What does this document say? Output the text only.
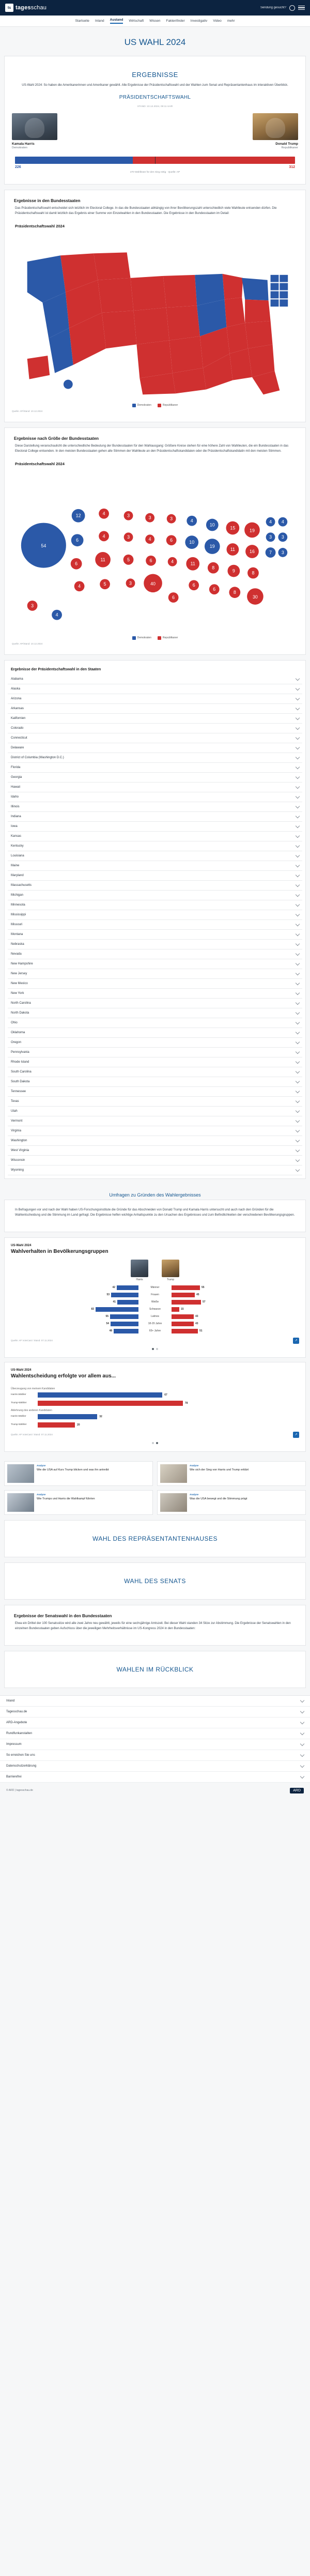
ts tagesschau	Sendung gesucht?
Startseite Inland Ausland Wirtschaft Wissen Faktenfinder Investigativ Video mehr
US WAHL 2024
ERGEBNISSE
US-Wahl 2024: So haben die Amerikanerinnen und Amerikaner gewählt. Alle Ergebnisse der Präsidentschaftswahl und der Wahlen zum Senat und Repräsentantenhaus im interaktiven Überblick.
PRÄSIDENTSCHAFTSWAHL
STAND: 10.12.2024, 09:11 UHR
Kamala Harris
Demokraten
Donald Trump
Republikaner
226	312
270 Wahlleute für den Sieg nötig · Quelle: AP
Ergebnisse in den Bundesstaaten
Das Präsidentschaftswahl entscheidet sich letztlich im Electoral College. In das die Bundesstaaten abhängig von ihrer Bevölkerungszahl unterschiedlich viele Wahlleute entsenden dürfen. Die Präsidentschaftswahl ist damit letztlich das Ergebnis einer Summe von Einzelwahlen in den Bundesstaaten. Die Ergebnisse in den Bundesstaaten im Detail:
Präsidentschaftswahl 2024
Demokraten	Republikaner
Quelle: AP/Stand: 10.12.2024
Ergebnisse nach Größe der Bundesstaaten
Diese Darstellung veranschaulicht die unterschiedliche Bedeutung der Bundesstaaten für den Wahlausgang: Größere Kreise stehen für eine höhere Zahl von Wahlleuten, die ein Bundesstaaten in das Electoral College entsenden. In den meisten Bundesstaaten gehen alle Stimmen der Wahlleute an den Präsidentschaftskandidaten oder die Präsidentschaftskandidatin mit den meisten Stimmen.
Präsidentschaftswahl 2024
54
12
6
6
4
4
4
11
5
3
3
5
3
3
4
6
40
3
6
4
6
4
10
11
6
10
19
8
6
15
11
9
8
19
16
8
30
4
3
4
3
7 3
3
4
Demokraten	Republikaner
Quelle: AP/Stand: 10.12.2024
Ergebnisse der Präsidentschaftswahl in den Staaten
Alabama
Alaska
Arizona
Arkansas
Kalifornien
Colorado
Connecticut
Delaware
District of Columbia (Washington D.C.)
Florida
Georgia
Hawaii
Idaho
Illinois
Indiana
Iowa
Kansas
Kentucky
Louisiana
Maine
Maryland
Massachusetts
Michigan
Minnesota
Mississippi
Missouri
Montana
Nebraska
Nevada
New Hampshire
New Jersey
New Mexico
New York
North Carolina
North Dakota
Ohio
Oklahoma
Oregon
Pennsylvania
Rhode Island
South Carolina
South Dakota
Tennessee
Texas
Utah
Vermont
Virginia
Washington
West Virginia
Wisconsin
Wyoming
Umfragen zu Gründen des Wahlergebnisses
In Befragungen vor und nach der Wahl haben US-Forschungsinstitute die Gründe für das Abschneiden von Donald Trump und Kamala Harris untersucht und auch nach den Gründen für die Wahlentscheidung und die Stimmung im Land gefragt. Die Ergebnisse helfen wichtige Anhaltspunkte zu den Ursachen des Ergebnisses und zum Befindlichkeiten der verschiedenen Bevölkerungsgruppen.
US-Wahl 2024
Wahlverhalten in Bevölkerungsgruppen
Harris	Trump
42	Männer	55
53	Frauen	45
41	Weiße	57
83	Schwarze	15
55	Latinos	43
54	18-29 Jahre	43
48	65+ Jahre	51
Quelle: AP VoteCast / Stand: 07.11.2024	↗
US-Wahl 2024
Wahlentscheidung erfolgte vor allem aus...
Überzeugung von meinem Kandidaten
Harris-Wähler	67
Trump-Wähler	78
Ablehnung des anderen Kandidaten
Harris-Wähler	32
Trump-Wähler	20
Quelle: AP VoteCast / Stand: 07.11.2024	↗
Analyse
Wie die USA auf Kurs Trump blicken und was ihn antreibt
Analyse
Wie sich der Sieg von Harris und Trump erklärt
Analyse
Wie Trumps und Harris die Wahlkampf führten
Analyse
Was die USA bewegt und die Stimmung prägt
WAHL DES REPRÄSENTANTENHAUSES
WAHL DES SENATS
Ergebnisse der Senatswahl in den Bundesstaaten
Etwa ein Drittel der 100 Senatssitze wird alle zwei Jahre neu gewählt, jeweils für eine sechsjährige Amtszeit. Bei dieser Wahl standen 34 Sitze zur Abstimmung. Die Ergebnisse der Senatswahlen in den einzelnen Bundesstaaten geben Aufschluss über die jeweiligen Mehrheitsverhältnisse im US-Kongress 2024 in den Bundesstaaten:
WAHLEN IM RÜCKBLICK
Inland
Tagesschau.de
ARD-Angebote
Rundfunkanstalten
Impressum
So erreichen Sie uns
Datenschutzerklärung
Barrierefrei
© ARD | tagesschau.de	ARD
